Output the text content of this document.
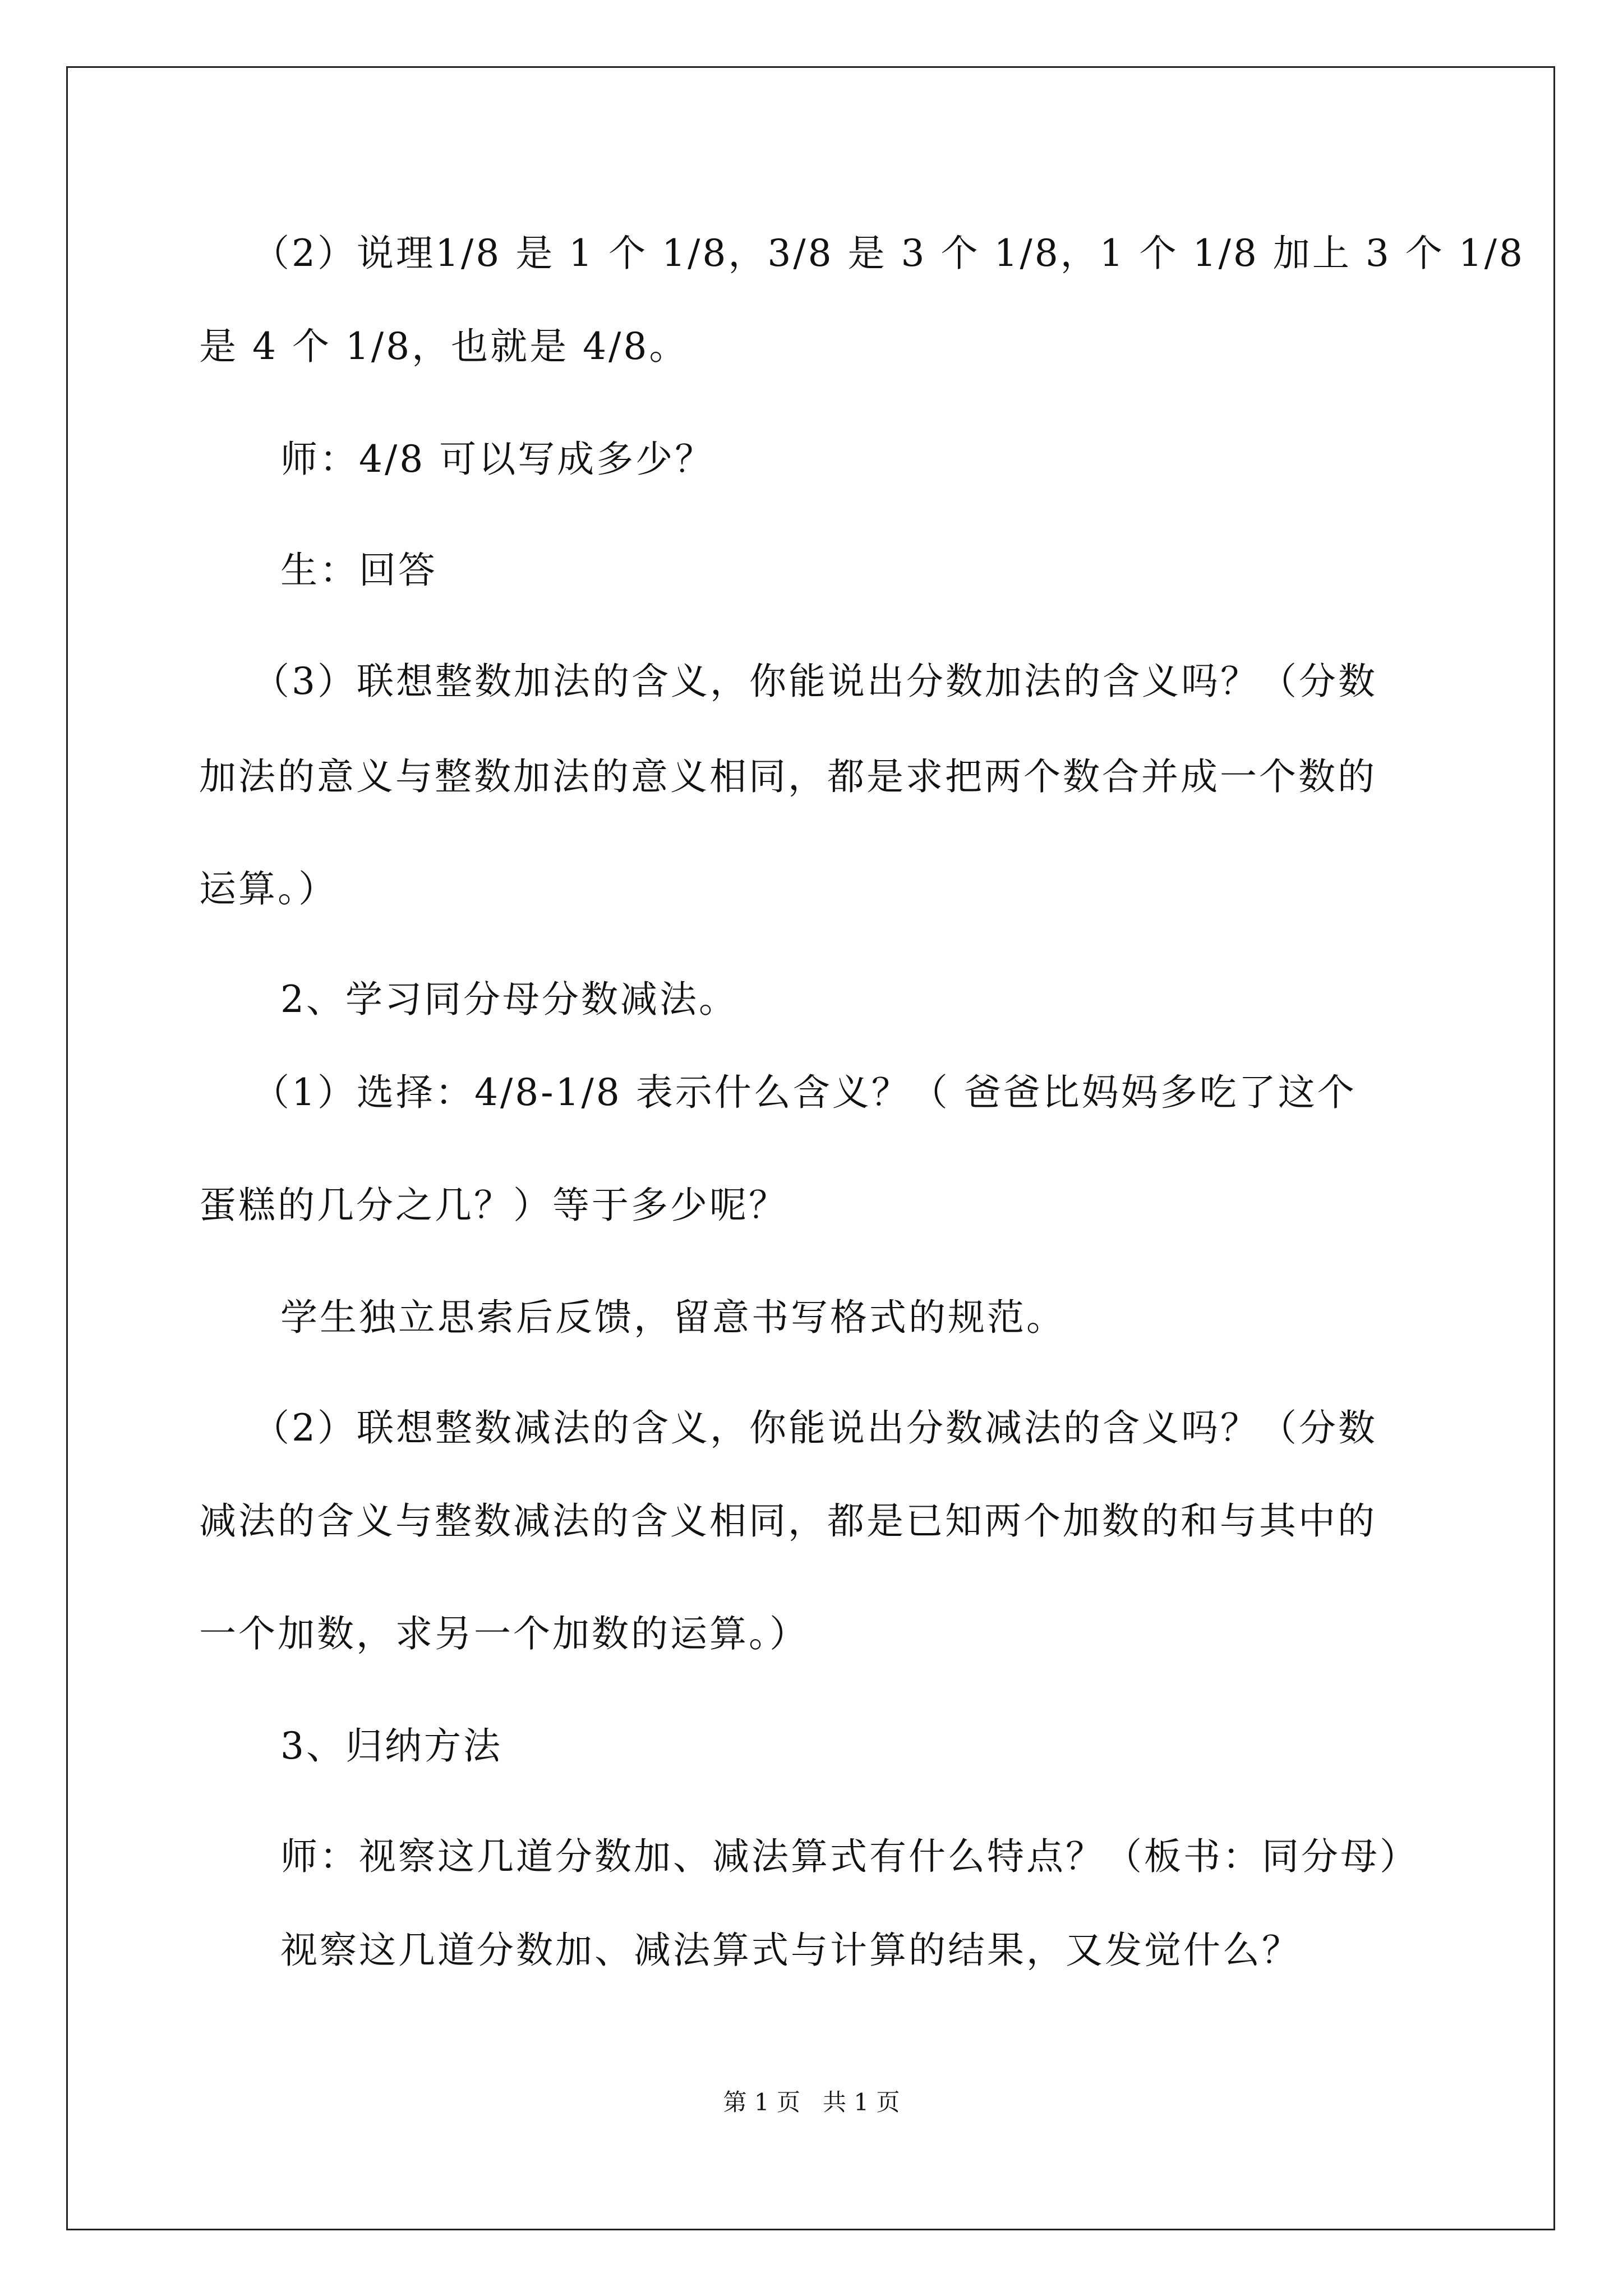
（2）说理1/8 是 1 个 1/8，3/8 是 3 个 1/8，1 个 1/8 加上 3 个 1/8
是 4 个 1/8，也就是 4/8。
师：4/8 可以写成多少？
生：回答
（3）联想整数加法的含义，你能说出分数加法的含义吗？（分数
加法的意义与整数加法的意义相同，都是求把两个数合并成一个数的
运算。）
2、学习同分母分数减法。
（1）选择：4/8-1/8 表示什么含义？（ 爸爸比妈妈多吃了这个
蛋糕的几分之几？）等于多少呢？
学生独立思索后反馈，留意书写格式的规范。
（2）联想整数减法的含义，你能说出分数减法的含义吗？（分数
减法的含义与整数减法的含义相同，都是已知两个加数的和与其中的
一个加数，求另一个加数的运算。）
3、归纳方法
师：视察这几道分数加、减法算式有什么特点？（板书：同分母）
视察这几道分数加、减法算式与计算的结果，又发觉什么？
第 1 页   共 1 页
